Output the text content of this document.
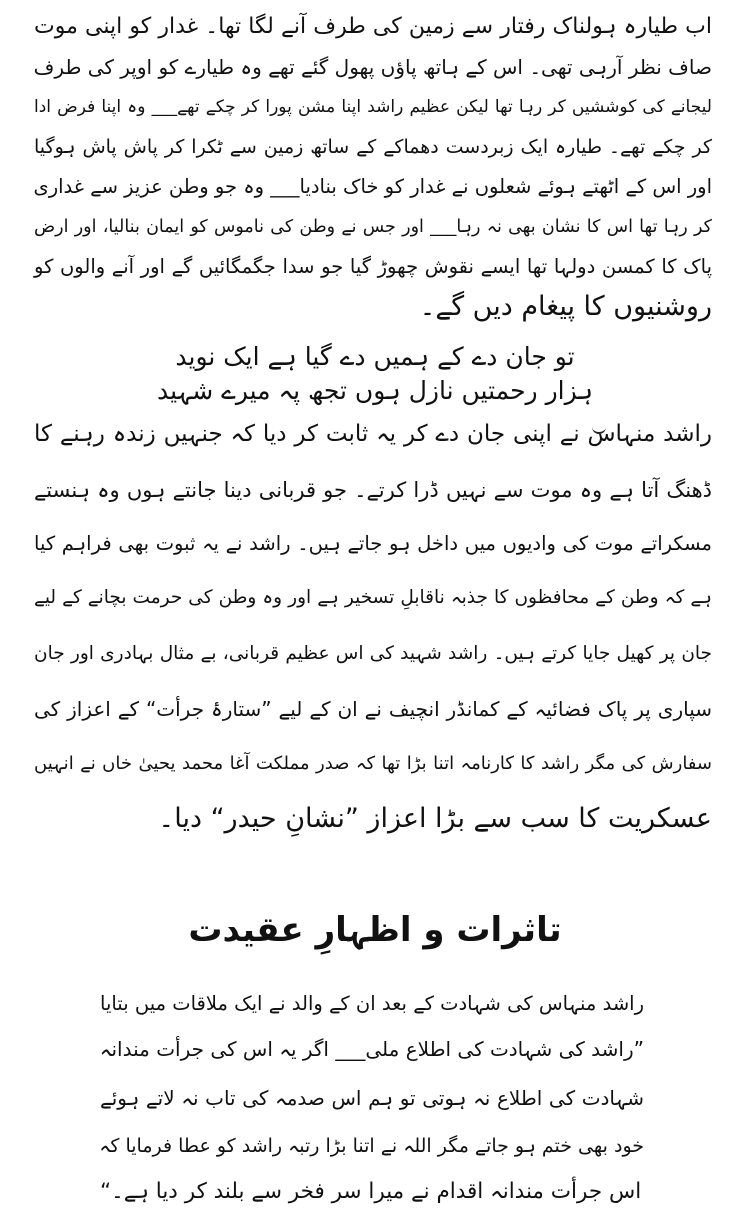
اب طیارہ ہولناک رفتار سے زمین کی طرف آنے لگا تھا۔ غدار کو اپنی موت
صاف نظر آرہی تھی۔ اس کے ہاتھ پاؤں پھول گئے تھے وہ طیارے کو اوپر کی طرف
لیجانے کی کوششیں کر رہا تھا لیکن عظیم راشد اپنا مشن پورا کر چکے تھے___ وہ اپنا فرض ادا
کر چکے تھے۔ طیارہ ایک زبردست دھماکے کے ساتھ زمین سے ٹکرا کر پاش پاش ہوگیا
اور اس کے اٹھتے ہوئے شعلوں نے غدار کو خاک بنادیا___ وہ جو وطن عزیز سے غداری
کر رہا تھا اس کا نشان بھی نہ رہا___ اور جس نے وطن کی ناموس کو ایمان بنالیا، اور ارض
پاک کا کمسن دولہا تھا ایسے نقوش چھوڑ گیا جو سدا جگمگائیں گے اور آنے والوں کو
روشنیوں کا پیغام دیں گے۔
تو جان دے کے ہمیں دے گیا ہے ایک نوید
ہزار رحمتیں نازل ہوں تجھ پہ میرے شہید
راشد منہاس نے اپنی جان دے کر یہ ثابت کر دیا کہ جنہیں زندہ رہنے کا
ڈھنگ آتا ہے وہ موت سے نہیں ڈرا کرتے۔ جو قربانی دینا جانتے ہوں وہ ہنستے
مسکراتے موت کی وادیوں میں داخل ہو جاتے ہیں۔ راشد نے یہ ثبوت بھی فراہم کیا
ہے کہ وطن کے محافظوں کا جذبہ ناقابلِ تسخیر ہے اور وہ وطن کی حرمت بچانے کے لیے
جان پر کھیل جایا کرتے ہیں۔ راشد شہید کی اس عظیم قربانی، بے مثال بہادری اور جان
سپاری پر پاک فضائیہ کے کمانڈر انچیف نے ان کے لیے ”ستارۂ جرأت“ کے اعزاز کی
سفارش کی مگر راشد کا کارنامہ اتنا بڑا تھا کہ صدر مملکت آغا محمد یحییٰ خاں نے انہیں
عسکریت کا سب سے بڑا اعزاز ”نشانِ حیدر“ دیا۔
تاثرات و اظہارِ عقیدت
راشد منہاس کی شہادت کے بعد ان کے والد نے ایک ملاقات میں بتایا
”راشد کی شہادت کی اطلاع ملی___ اگر یہ اس کی جرأت مندانہ
شہادت کی اطلاع نہ ہوتی تو ہم اس صدمہ کی تاب نہ لاتے ہوئے
خود بھی ختم ہو جاتے مگر اللہ نے اتنا بڑا رتبہ راشد کو عطا فرمایا کہ
اس جرأت مندانہ اقدام نے میرا سر فخر سے بلند کر دیا ہے۔“
